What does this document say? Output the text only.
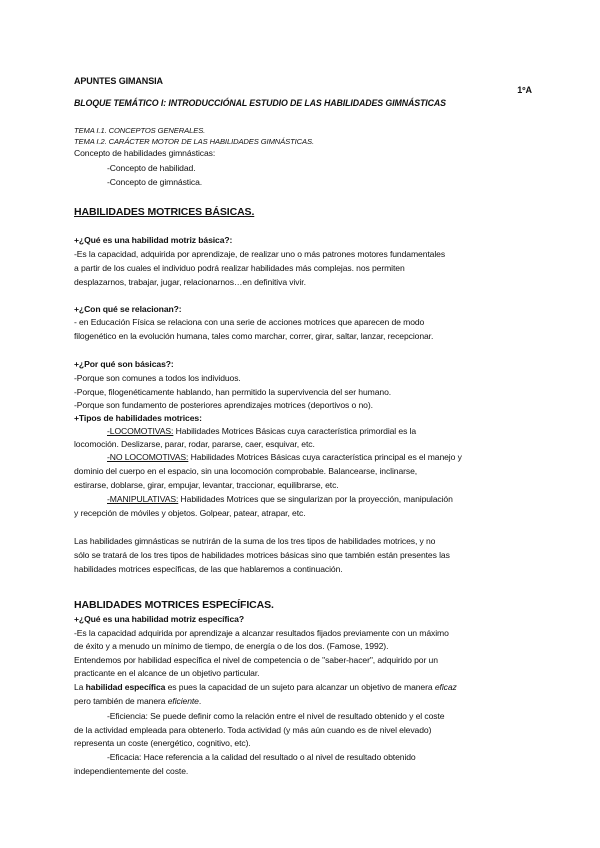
APUNTES GIMANSIA

1ºA

BLOQUE TEMÁTICO I: INTRODUCCIÓNAL ESTUDIO DE LAS HABILIDADES GIMNÁSTICAS

TEMA I.1. CONCEPTOS GENERALES.

TEMA I.2. CARÁCTER MOTOR DE LAS HABILIDADES GIMNÁSTICAS.

Concepto de habilidades gimnásticas:

-Concepto de habilidad.

-Concepto de gimnástica.

HABILIDADES MOTRICES BÁSICAS.

+¿Qué es una habilidad motriz básica?:

-Es la capacidad, adquirida por aprendizaje, de realizar uno o más patrones motores fundamentales

a partir de los cuales el individuo podrá realizar habilidades más complejas. nos permiten

desplazarnos, trabajar, jugar, relacionarnos…en definitiva vivir.

+¿Con qué se relacionan?:

- en Educación Física se relaciona con una serie de acciones motrices que aparecen de modo

filogenético en la evolución humana, tales como marchar, correr, girar, saltar, lanzar, recepcionar.

+¿Por qué son básicas?:

-Porque son comunes a todos los individuos.

-Porque, filogenéticamente hablando, han permitido la supervivencia del ser humano.

-Porque son fundamento de posteriores aprendizajes motrices (deportivos o no).

+Tipos de habilidades motrices:

-LOCOMOTIVAS: Habilidades Motrices Básicas cuya característica primordial es la

locomoción. Deslizarse, parar, rodar, pararse, caer, esquivar, etc.

-NO LOCOMOTIVAS: Habilidades Motrices Básicas cuya característica principal es el manejo y

dominio del cuerpo en el espacio, sin una locomoción comprobable. Balancearse, inclinarse,

estirarse, doblarse, girar, empujar, levantar, traccionar, equilibrarse, etc.

-MANIPULATIVAS: Habilidades Motrices que se singularizan por la proyección, manipulación

y recepción de móviles y objetos. Golpear, patear, atrapar, etc.

Las habilidades gimnásticas se nutrirán de la suma de los tres tipos de habilidades motrices, y no

sólo se tratará de los tres tipos de habilidades motrices básicas sino que también están presentes las

habilidades motrices específicas, de las que hablaremos a continuación.

HABLIDADES MOTRICES ESPECÍFICAS.

+¿Qué es una habilidad motriz específica?

-Es la capacidad adquirida por aprendizaje a alcanzar resultados fijados previamente con un máximo

de éxito y a menudo un mínimo de tiempo, de energía o de los dos. (Famose, 1992).

Entendemos por habilidad específica el nivel de competencia o de "saber-hacer", adquirido por un

practicante en el alcance de un objetivo particular.

La habilidad específica es pues la capacidad de un sujeto para alcanzar un objetivo de manera eficaz

pero también de manera eficiente.

-Eficiencia: Se puede definir como la relación entre el nivel de resultado obtenido y el coste

de la actividad empleada para obtenerlo. Toda actividad (y más aún cuando es de nivel elevado)

representa un coste (energético, cognitivo, etc).

-Eficacia: Hace referencia a la calidad del resultado o al nivel de resultado obtenido

independientemente del coste.
